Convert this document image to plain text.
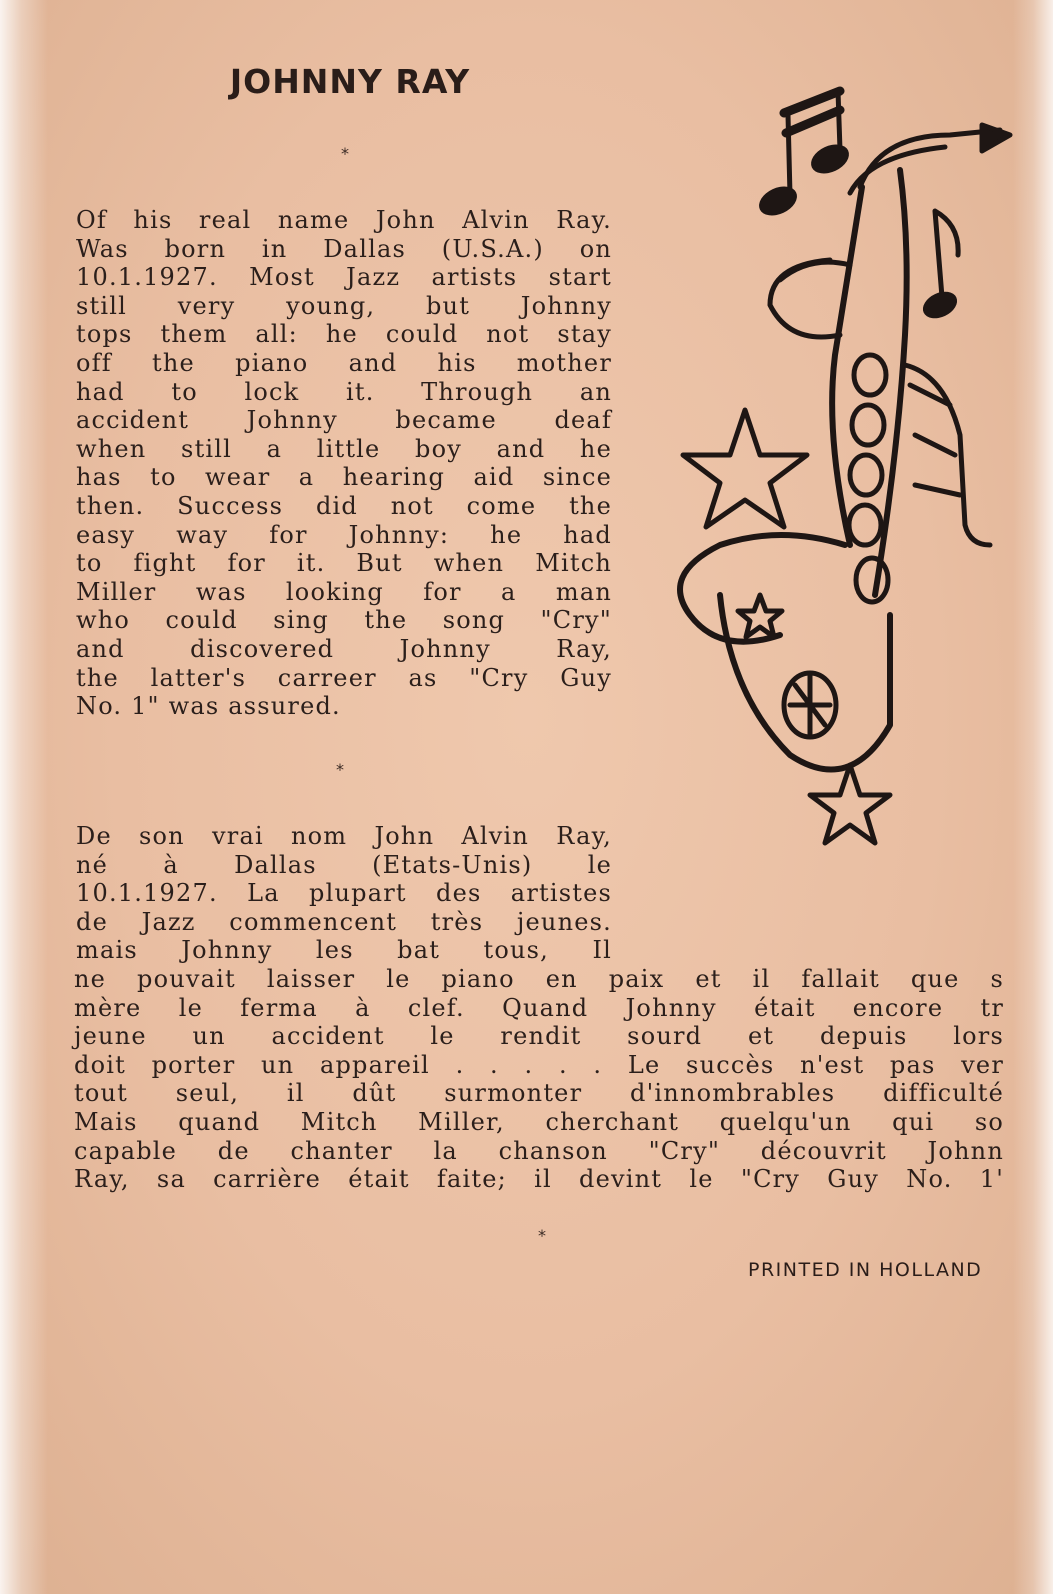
JOHNNY RAY
*
Of his real name John Alvin Ray.
Was born in Dallas (U.S.A.) on
10.1.1927. Most Jazz artists start
still very young, but Johnny
tops them all: he could not stay
off the piano and his mother
had to lock it. Through an
accident Johnny became deaf
when still a little boy and he
has to wear a hearing aid since
then. Success did not come the
easy way for Johnny: he had
to fight for it. But when Mitch
Miller was looking for a man
who could sing the song "Cry"
and discovered Johnny Ray,
the latter's carreer as "Cry Guy
No. 1" was assured.
*
De son vrai nom John Alvin Ray,
né à Dallas (Etats-Unis) le
10.1.1927. La plupart des artistes
de Jazz commencent très jeunes.
mais Johnny les bat tous, Il
ne pouvait laisser le piano en paix et il fallait que s
mère le ferma à clef. Quand Johnny était encore tr
jeune un accident le rendit sourd et depuis lors
doit porter un appareil . . . . . Le succès n'est pas ver
tout seul, il dût surmonter d'innombrables difficulté
Mais quand Mitch Miller, cherchant quelqu'un qui so
capable de chanter la chanson "Cry" découvrit Johnn
Ray, sa carrière était faite; il devint le "Cry Guy No. 1'
*
PRINTED IN HOLLAND
